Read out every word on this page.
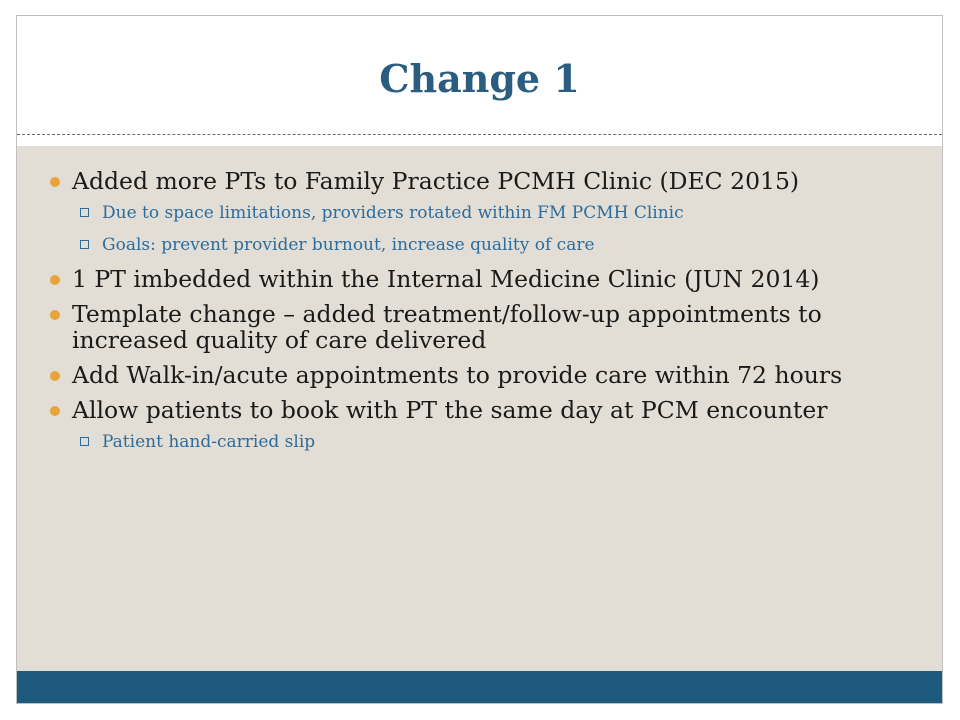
Change 1
Added more PTs to Family Practice PCMH Clinic (DEC 2015)
Due to space limitations, providers rotated within FM PCMH Clinic
Goals: prevent provider burnout, increase quality of care
1 PT imbedded within the Internal Medicine Clinic (JUN 2014)
Template change – added treatment/follow-up appointments to increased quality of care delivered
Add Walk-in/acute appointments to provide care within 72 hours
Allow patients to book with PT the same day at PCM encounter
Patient hand-carried slip
